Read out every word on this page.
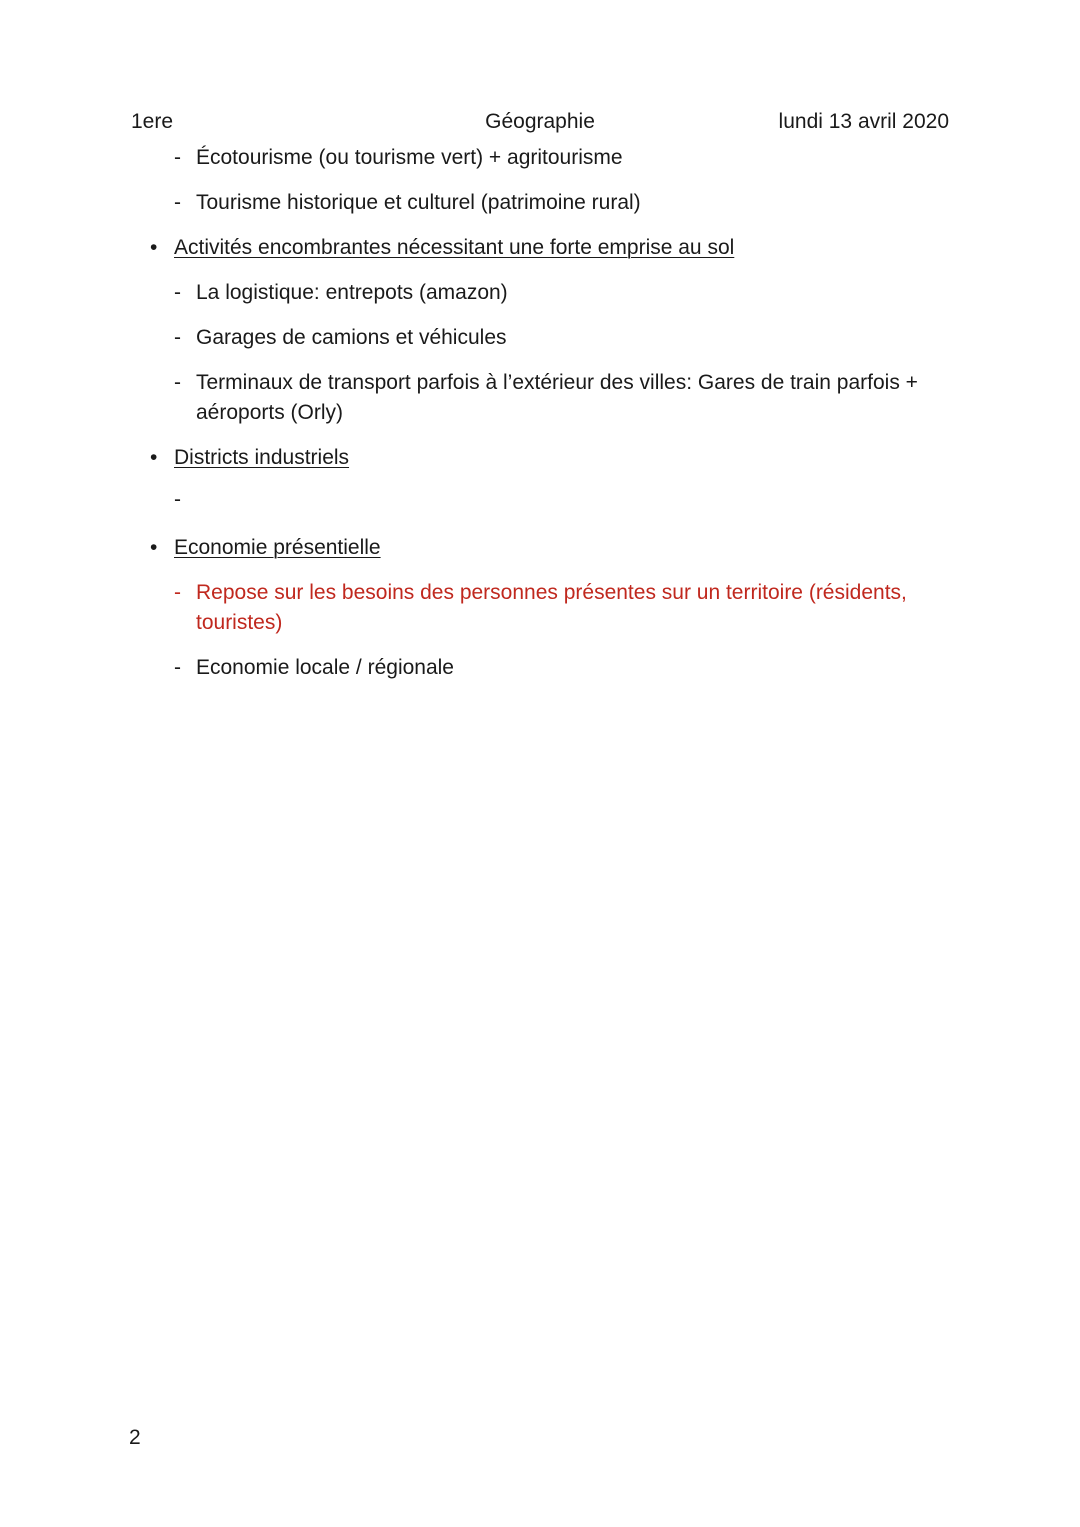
1ere	Géographie	lundi 13 avril 2020
- Écotourisme (ou tourisme vert) + agritourisme
- Tourisme historique et culturel (patrimoine rural)
• Activités encombrantes nécessitant une forte emprise au sol
- La logistique: entrepots (amazon)
- Garages de camions et véhicules
- Terminaux de transport parfois à l’extérieur des villes: Gares de train parfois + aéroports (Orly)
• Districts industriels
-
• Economie présentielle
- Repose sur les besoins des personnes présentes sur un territoire (résidents, touristes)
- Economie locale / régionale
2
